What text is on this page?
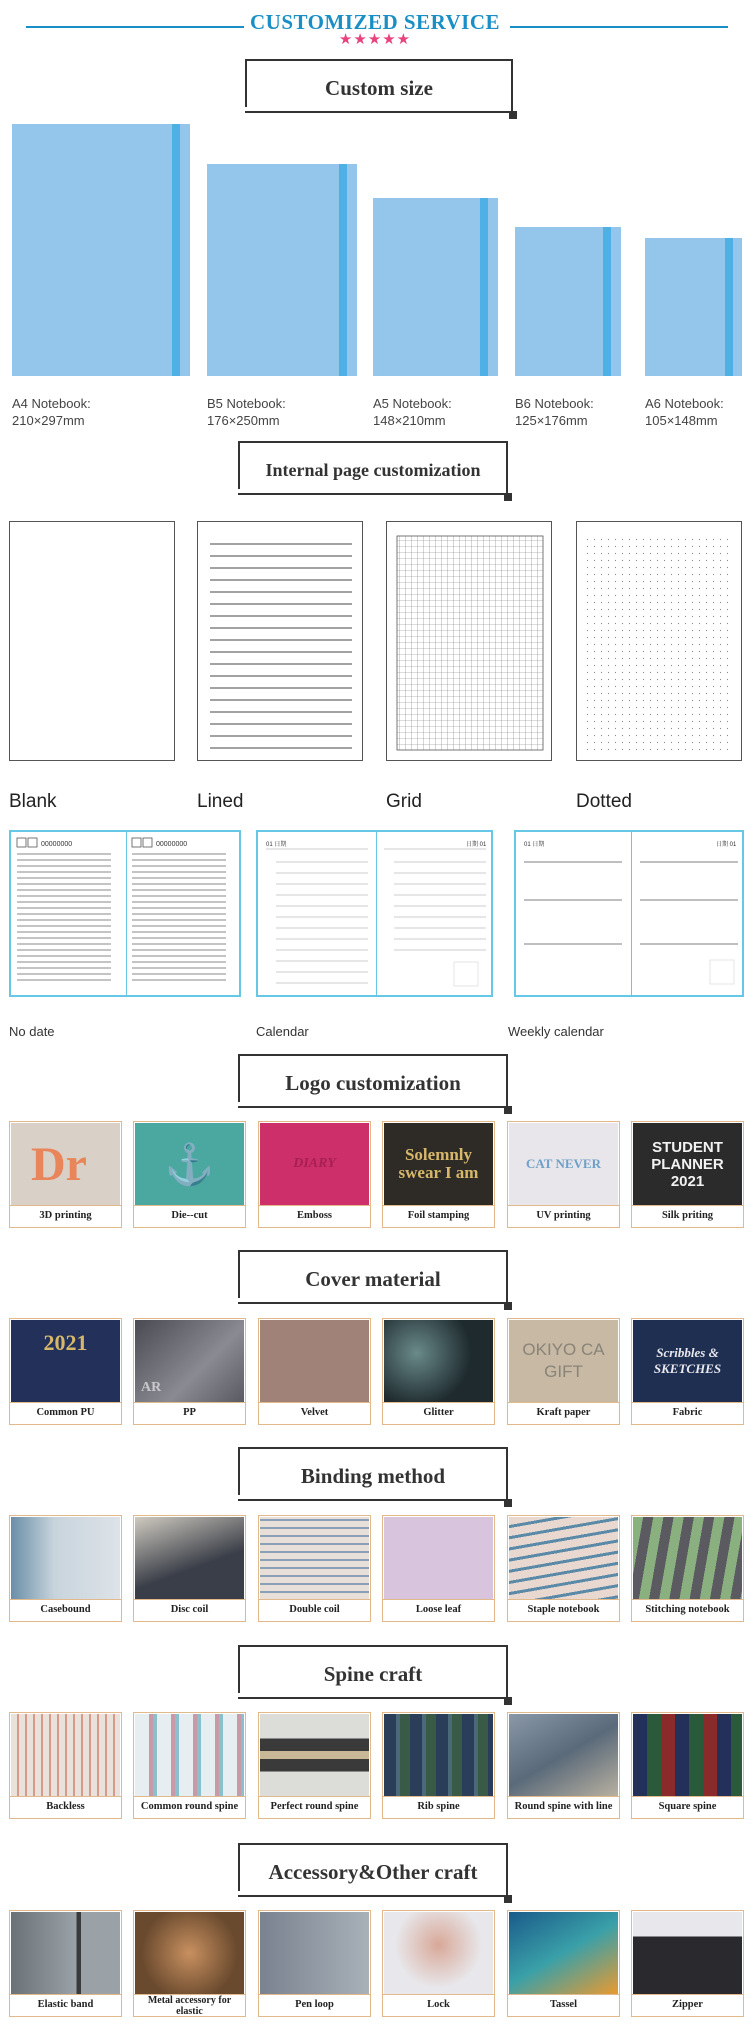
CUSTOMIZED SERVICE
★★★★★
Custom size
A4 Notebook:
210×297mm
B5 Notebook:
176×250mm
A5 Notebook:
148×210mm
B6 Notebook:
125×176mm
A6 Notebook:
105×148mm
Internal page customization
Blank	Lined	Grid	Dotted
00000000	00000000	01 日期	日期 01	01 日期	日期 01
No date	Calendar	Weekly calendar
Logo customization
Dr
3D printing
⚓
Die--cut
DIARY
Emboss
Solemnly swear I am
Foil stamping
CAT NEVER
UV printing
STUDENT PLANNER 2021
Silk priting
Cover material
2021
Common PU
AR
PP	Velvet	Glitter
OKIYO CA GIFT
Kraft paper
Scribbles & SKETCHES
Fabric
Binding method
Casebound	Disc coil	Double coil	Loose leaf	Staple notebook	Stitching notebook
Spine craft
Backless	Common round spine	Perfect round spine	Rib spine	Round spine with line	Square spine
Accessory&Other craft
Elastic band	Metal accessory for elastic
Pen loop	Lock	Tassel	Zipper
